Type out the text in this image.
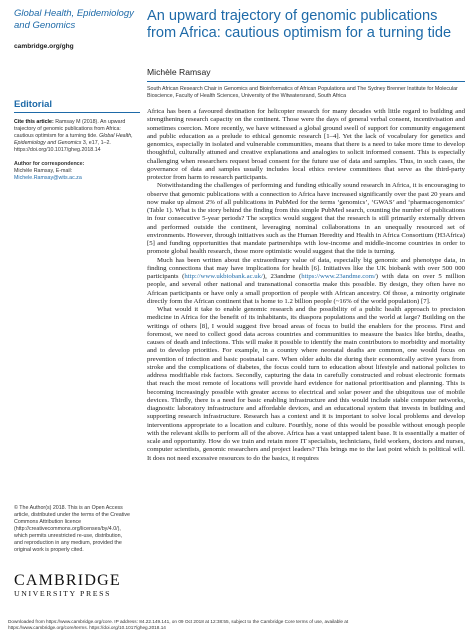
Global Health, Epidemiology
and Genomics
cambridge.org/ghg
Editorial
Cite this article: Ramsay M (2018). An upward trajectory of genomic publications from Africa: cautious optimism for a turning tide. Global Health, Epidemiology and Genomics 3, e17, 1–2. https://doi.org/10.1017/gheg.2018.14
Author for correspondence:
Michèle Ramsay, E-mail: Michele.Ramsay@wits.ac.za
© The Author(s) 2018. This is an Open Access article, distributed under the terms of the Creative Commons Attribution licence (http://creativecommons.org/licenses/by/4.0/), which permits unrestricted re-use, distribution, and reproduction in any medium, provided the original work is properly cited.
CAMBRIDGE
UNIVERSITY PRESS
An upward trajectory of genomic publications from Africa: cautious optimism for a turning tide
Michèle Ramsay
South African Research Chair in Genomics and Bioinformatics of African Populations and The Sydney Brenner Institute for Molecular Bioscience, Faculty of Health Sciences, University of the Witwatersrand, South Africa

Africa has been a favoured destination for helicopter research for many decades with little regard to building and strengthening research capacity on the continent. Those were the days of general verbal consent, incentivisation and sometimes coercion. More recently, we have witnessed a global ground swell of support for community engagement and public education as a prelude to ethical genomic research [1–4]. Yet the lack of vocabulary for genetics and genomics, especially in isolated and vulnerable communities, means that there is a need to take more time to develop thoughtful, culturally attuned and creative explanations and analogies to solicit informed consent. This is especially challenging when researchers request broad consent for the future use of data and samples. Thus, in such cases, the governance of data and samples usually includes local ethics review committees that serve as the third-party protector from harm to research participants.

Notwithstanding the challenges of performing and funding ethically sound research in Africa, it is encouraging to observe that genomic publications with a connection to Africa have increased significantly over the past 20 years and now make up almost 2% of all publications in PubMed for the terms ‘genomics’, ‘GWAS’ and ‘pharmacogenomics’ (Table 1). What is the story behind the finding from this simple PubMed search, counting the number of publications in four consecutive 5-year periods? The sceptics would suggest that the research is still primarily externally driven and performed outside the continent, leveraging nominal collaborations in an unequally resourced set of environments. However, through initiatives such as the Human Heredity and Health in Africa Consortium (H3Africa) [5] and funding opportunities that mandate partnerships with low-income and middle-income countries in order to promote global health research, those more optimistic would suggest that the tide is turning.

Much has been written about the extraordinary value of data, especially big genomic and phenotype data, in finding connections that may have implications for health [6]. Initiatives like the UK biobank with over 500 000 participants (http://www.ukbiobank.ac.uk/), 23andme (https://www.23andme.com/) with data on over 5 million people, and several other national and transnational consortia make this possible. By design, they often have no African participants or have only a small proportion of people with African ancestry. Of those, a minority originate directly form the African continent that is home to 1.2 billion people (~16% of the world population) [7].

What would it take to enable genomic research and the possibility of a public health approach to precision medicine in Africa for the benefit of its inhabitants, its diaspora populations and the world at large? Building on the writings of others [8], I would suggest five broad areas of focus to build the enablers for the process. First and foremost, we need to collect good data across countries and communities to measure the basics like births, deaths, causes of death and infections. This will make it possible to identify the main contributors to morbidity and mortality and to develop priorities. For example, in a country where neonatal deaths are common, one would focus on prevention of infection and basic postnatal care. When older adults die during their economically active years from stroke and the complications of diabetes, the focus could turn to education about lifestyle and national policies to address modifiable risk factors. Secondly, capturing the data in carefully constructed and robust electronic formats that reach the most remote of locations will provide hard evidence for national prioritisation and planning. This is becoming increasingly possible with greater access to electrical and solar power and the ubiquitous use of mobile devices. Thirdly, there is a need for basic enabling infrastructure and this would include stable computer networks, diagnostic laboratory infrastructure and affordable devices, and an educational system that invests in building and supporting research infrastructure. Research has a context and it is important to solve local problems and develop interventions appropriate to a location and culture. Fourthly, none of this would be possible without enough people with the relevant skills to perform all of the above. Africa has a vast untapped talent base. It is essentially a matter of scale and opportunity. How do we train and retain more IT specialists, technicians, field workers, doctors and nurses, computer scientists, genomic researchers and project leaders? This brings me to the last point which is political will. It does not need excessive resources to do the basics, it requires

Downloaded from https://www.cambridge.org/core. IP address: 84.22.149.141, on 09 Oct 2018 at 12:38:55, subject to the Cambridge Core terms of use, available at
https://www.cambridge.org/core/terms. https://doi.org/10.1017/gheg.2018.14
